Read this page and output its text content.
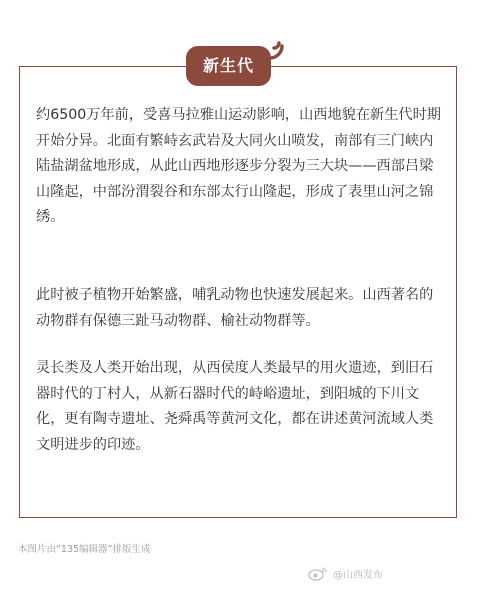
新生代

约6500万年前，受喜马拉雅山运动影响，山西地貌在新生代时期开始分异。北面有繁峙玄武岩及大同火山喷发，南部有三门峡内陆盐湖盆地形成，从此山西地形逐步分裂为三大块——西部吕梁山隆起，中部汾渭裂谷和东部太行山隆起，形成了表里山河之锦绣。

此时被子植物开始繁盛，哺乳动物也快速发展起来。山西著名的动物群有保德三趾马动物群、榆社动物群等。

灵长类及人类开始出现，从西侯度人类最早的用火遗迹，到旧石器时代的丁村人，从新石器时代的峙峪遗址，到阳城的下川文化，更有陶寺遗址、尧舜禹等黄河文化，都在讲述黄河流域人类文明进步的印迹。

本图片由“135编辑器”排版生成
@山西发布
